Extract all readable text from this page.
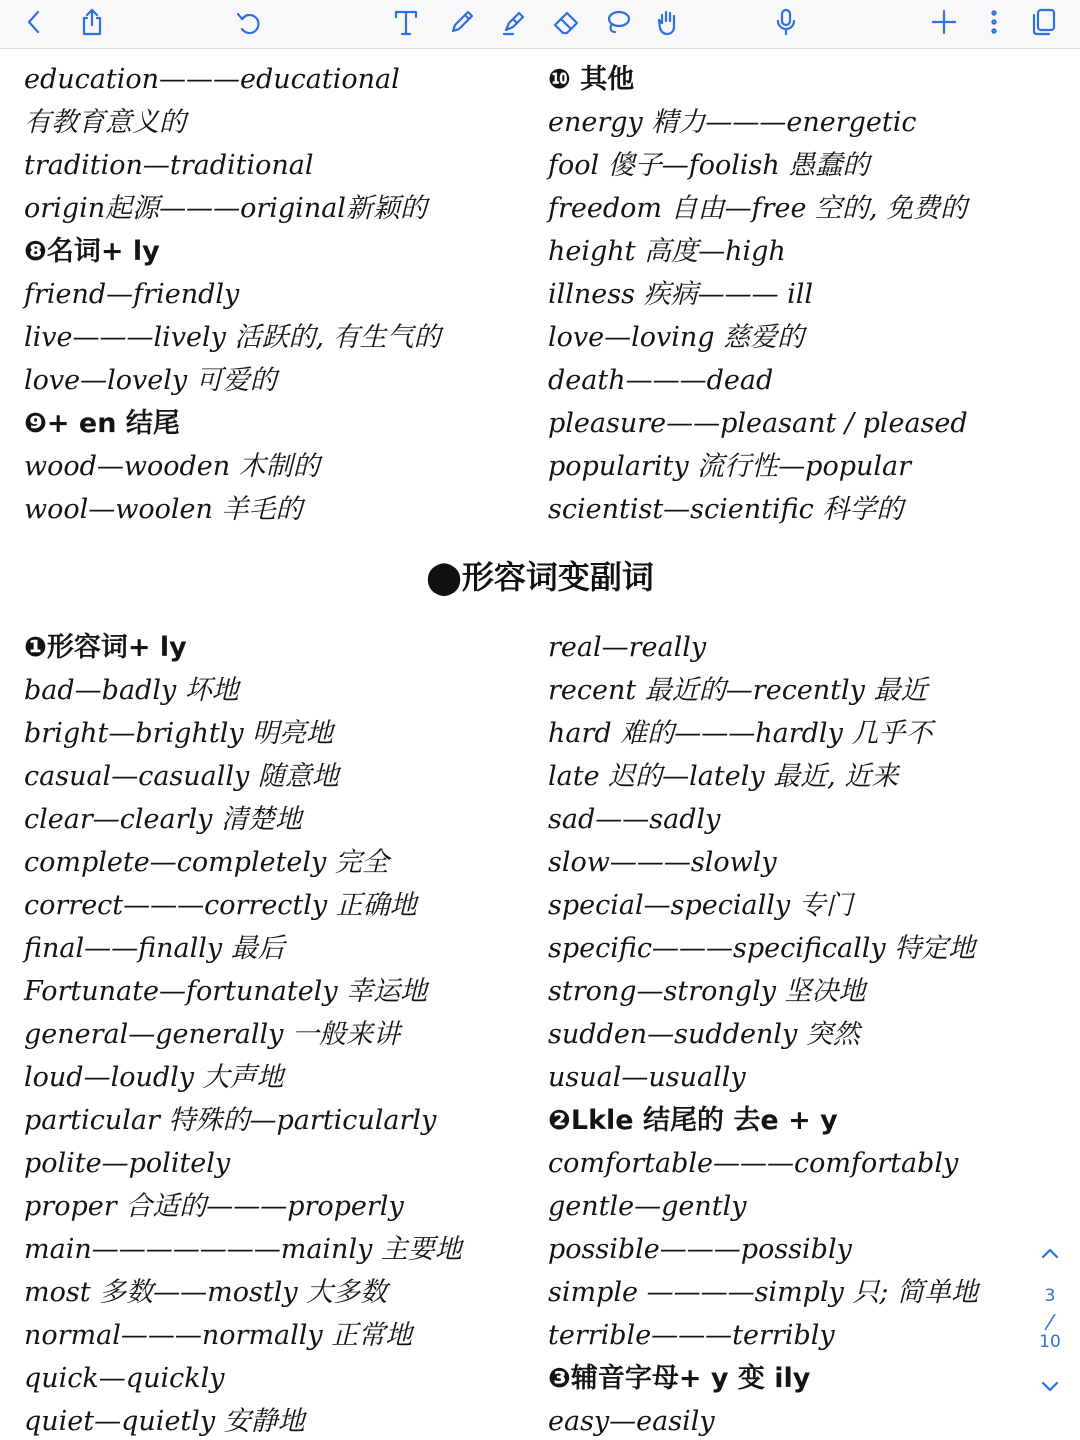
education———educational
有教育意义的
tradition—traditional
origin起源———original新颖的
❽名词+ ly
friend—friendly
live———lively 活跃的, 有生气的
love—lovely 可爱的
❾+ en 结尾
wood—wooden 木制的
wool—woolen 羊毛的
❿ 其他
energy 精力———energetic
fool 傻子—foolish 愚蠢的
freedom 自由—free 空的, 免费的
height 高度—high
illness 疾病——— ill
love—loving 慈爱的
death———dead
pleasure——pleasant / pleased
popularity 流行性—popular
scientist—scientific 科学的
⬤形容词变副词
❶形容词+ ly
bad—badly 坏地
bright—brightly 明亮地
casual—casually 随意地
clear—clearly 清楚地
complete—completely 完全
correct———correctly 正确地
final——finally 最后
Fortunate—fortunately 幸运地
general—generally 一般来讲
loud—loudly 大声地
particular 特殊的—particularly
polite—politely
proper 合适的———properly
main———————mainly 主要地
most 多数——mostly 大多数
normal———normally 正常地
quick—quickly
quiet—quietly 安静地
real—really
recent 最近的—recently 最近
hard 难的———hardly 几乎不
late 迟的—lately 最近, 近来
sad——sadly
slow———slowly
special—specially 专门
specific———specifically 特定地
strong—strongly 坚决地
sudden—suddenly 突然
usual—usually
❷Lkle 结尾的 去e + y
comfortable———comfortably
gentle—gently
possible———possibly
simple ————simply 只; 简单地
terrible———terribly
❸辅音字母+ y 变 ily
easy—easily
3
10
